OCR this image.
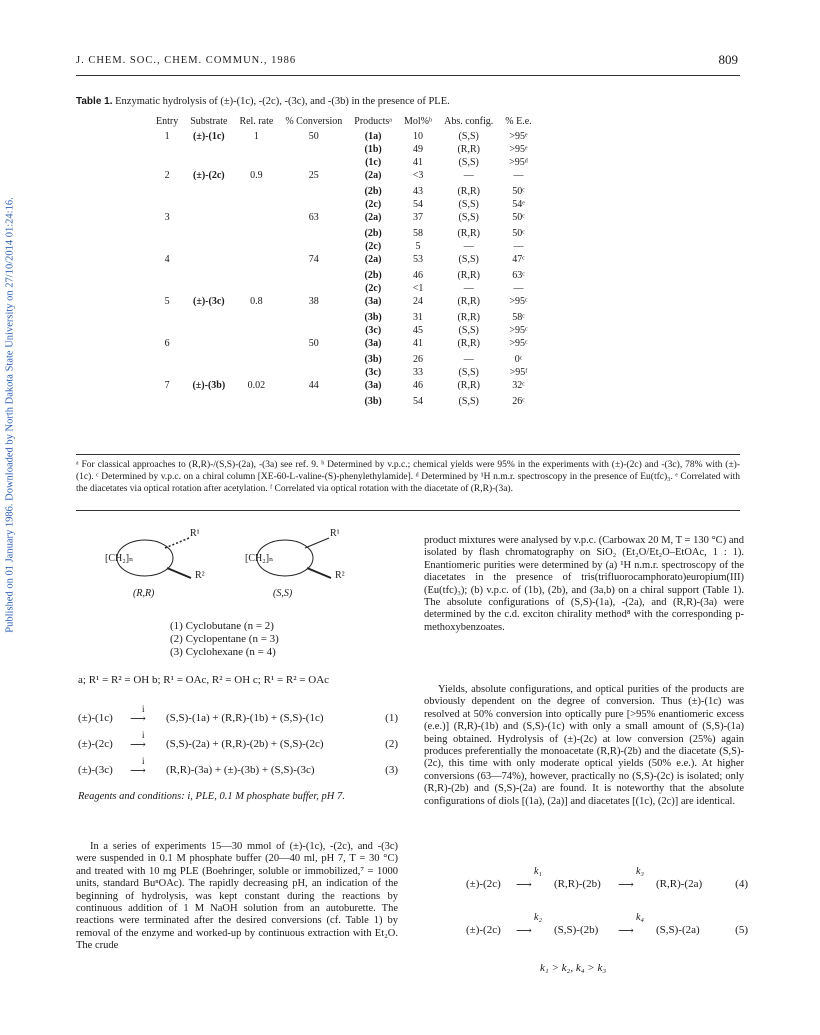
Published on 01 January 1986. Downloaded by North Dakota State University on 27/10/2014 01:24:16.
J. CHEM. SOC., CHEM. COMMUN., 1986	809
Table 1. Enzymatic hydrolysis of (±)-(1c), -(2c), -(3c), and -(3b) in the presence of PLE.
Entry	Substrate	Rel. rate	% Conversion	Productsᵃ	Mol%ᵇ	Abs. config.	% E.e.
1	(±)-(1c)	1	50	(1a)	10	(S,S)	>95ᵉ
				(1b)	49	(R,R)	>95ᵉ
				(1c)	41	(S,S)	>95ᵈ
2	(±)-(2c)	0.9	25	(2a)	<3	—	—
				(2b)	43	(R,R)	50ᶜ
				(2c)	54	(S,S)	54ᵉ
3			63	(2a)	37	(S,S)	50ᶜ
				(2b)	58	(R,R)	50ᶜ
				(2c)	5	—	—
4			74	(2a)	53	(S,S)	47ᶜ
				(2b)	46	(R,R)	63ᶜ
				(2c)	<1	—	—
5	(±)-(3c)	0.8	38	(3a)	24	(R,R)	>95ᶜ
				(3b)	31	(R,R)	58ᶜ
				(3c)	45	(S,S)	>95ᶜ
6			50	(3a)	41	(R,R)	>95ᶜ
				(3b)	26	—	0ᶜ
				(3c)	33	(S,S)	>95ᶠ
7	(±)-(3b)	0.02	44	(3a)	46	(R,R)	32ᶜ
				(3b)	54	(S,S)	26ᶜ
ᵃ For classical approaches to (R,R)-/(S,S)-(2a), -(3a) see ref. 9. ᵇ Determined by v.p.c.; chemical yields were 95% in the experiments with (±)-(2c) and -(3c), 78% with (±)-(1c). ᶜ Determined by v.p.c. on a chiral column [XE-60-L-valine-(S)-phenylethylamide]. ᵈ Determined by ¹H n.m.r. spectroscopy in the presence of Eu(tfc)₃. ᵉ Correlated with the diacetates via optical rotation after acetylation. ᶠ Correlated via optical rotation with the diacetate of (R,R)-(3a).
[CH₂]ₙ	[CH₂]ₙ
R¹
R²
R¹
R²
(R,R)	(S,S)
(1) Cyclobutane (n = 2)
(2) Cyclopentane (n = 3)
(3) Cyclohexane (n = 4)
a; R¹ = R² = OH b; R¹ = OAc, R² = OH c; R¹ = R² = OAc
(±)-(1c)
i
⟶ (S,S)-(1a) + (R,R)-(1b) + (S,S)-(1c)	(1)
(±)-(2c)
i
⟶ (S,S)-(2a) + (R,R)-(2b) + (S,S)-(2c)	(2)
(±)-(3c)
i
⟶ (R,R)-(3a) + (±)-(3b) + (S,S)-(3c)	(3)
Reagents and conditions: i, PLE, 0.1 M phosphate buffer, pH 7.
In a series of experiments 15—30 mmol of (±)-(1c), -(2c), and -(3c) were suspended in 0.1 M phosphate buffer (20—40 ml, pH 7, T = 30 °C) and treated with 10 mg PLE (Boehringer, soluble or immobilized,⁷ = 1000 units, standard BuⁿOAc). The rapidly decreasing pH, an indication of the beginning of hydrolysis, was kept constant during the reactions by continuous addition of 1 M NaOH solution from an autoburette. The reactions were terminated after the desired conversions (cf. Table 1) by removal of the enzyme and worked-up by continuous extraction with Et₂O. The crude
product mixtures were analysed by v.p.c. (Carbowax 20 M, T = 130 °C) and isolated by flash chromatography on SiO₂ (Et₂O/Et₂O–EtOAc, 1 : 1). Enantiomeric purities were determined by (a) ¹H n.m.r. spectroscopy of the diacetates in the presence of tris(trifluorocamphorato)europium(III) (Eu(tfc)₃); (b) v.p.c. of (1b), (2b), and (3a,b) on a chiral support (Table 1). The absolute configurations of (S,S)-(1a), -(2a), and (R,R)-(3a) were determined by the c.d. exciton chirality method⁸ with the corresponding p-methoxybenzoates.
Yields, absolute configurations, and optical purities of the products are obviously dependent on the degree of conversion. Thus (±)-(1c) was resolved at 50% conversion into optically pure [>95% enantiomeric excess (e.e.)] (R,R)-(1b) and (S,S)-(1c) with only a small amount of (S,S)-(1a) being obtained. Hydrolysis of (±)-(2c) at low conversion (25%) again produces preferentially the monoacetate (R,R)-(2b) and the diacetate (S,S)-(2c), this time with only moderate optical yields (50% e.e.). At higher conversions (63—74%), however, practically no (S,S)-(2c) is isolated; only (R,R)-(2b) and (S,S)-(2a) are found. It is noteworthy that the absolute configurations of diols [(1a), (2a)] and diacetates [(1c), (2c)] are identical.
(±)-(2c)
k₁
⟶ (R,R)-(2b)
k₃
⟶ (R,R)-(2a)	(4)
(±)-(2c)
k₂
⟶ (S,S)-(2b)
k₄
⟶ (S,S)-(2a)	(5)
k₁ > k₂, k₄ > k₃
